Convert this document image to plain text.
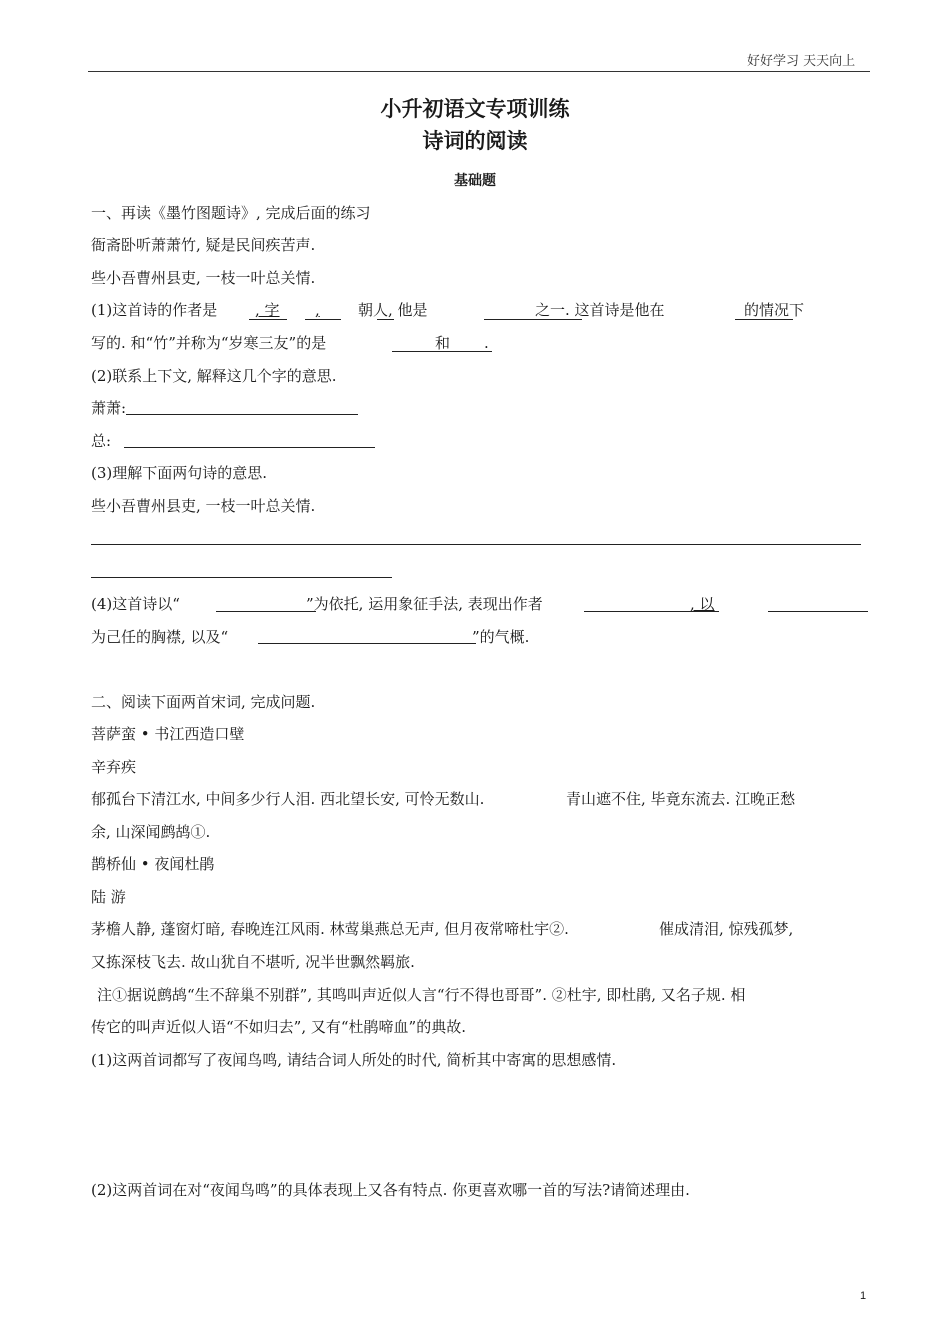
好好学习 天天向上
小升初语文专项训练
诗词的阅读
基础题
一、再读《墨竹图题诗》, 完成后面的练习
衙斋卧听萧萧竹, 疑是民间疾苦声.
些小吾曹州县吏, 一枝一叶总关情.
(1)这首诗的作者是	, 字 ,	朝人, 他是	之一. 这首诗是他在	的情况下
写的. 和“竹”并称为“岁寒三友”的是	和 .
(2)联系上下文, 解释这几个字的意思.
萧萧:
总:
(3)理解下面两句诗的意思.
些小吾曹州县吏, 一枝一叶总关情.
(4)这首诗以“	”为依托, 运用象征手法, 表现出作者	, 以
为己任的胸襟, 以及“	”的气概.
二、阅读下面两首宋词, 完成问题.
菩萨蛮 • 书江西造口壁
辛弃疾
郁孤台下清江水, 中间多少行人泪. 西北望长安, 可怜无数山.	青山遮不住, 毕竟东流去. 江晚正愁
余, 山深闻鹧鸪①.
鹊桥仙 • 夜闻杜鹃
陆 游
茅檐人静, 蓬窗灯暗, 春晚连江风雨. 林莺巢燕总无声, 但月夜常啼杜宇②.	催成清泪, 惊残孤梦,
又拣深枝飞去. 故山犹自不堪听, 况半世飘然羁旅.
注①据说鹧鸪“生不辞巢不别群”, 其鸣叫声近似人言“行不得也哥哥”. ②杜宇, 即杜鹃, 又名子规. 相
传它的叫声近似人语“不如归去”, 又有“杜鹃啼血”的典故.
(1)这两首词都写了夜闻鸟鸣, 请结合词人所处的时代, 简析其中寄寓的思想感情.
(2)这两首词在对“夜闻鸟鸣”的具体表现上又各有特点. 你更喜欢哪一首的写法?请简述理由.
1
